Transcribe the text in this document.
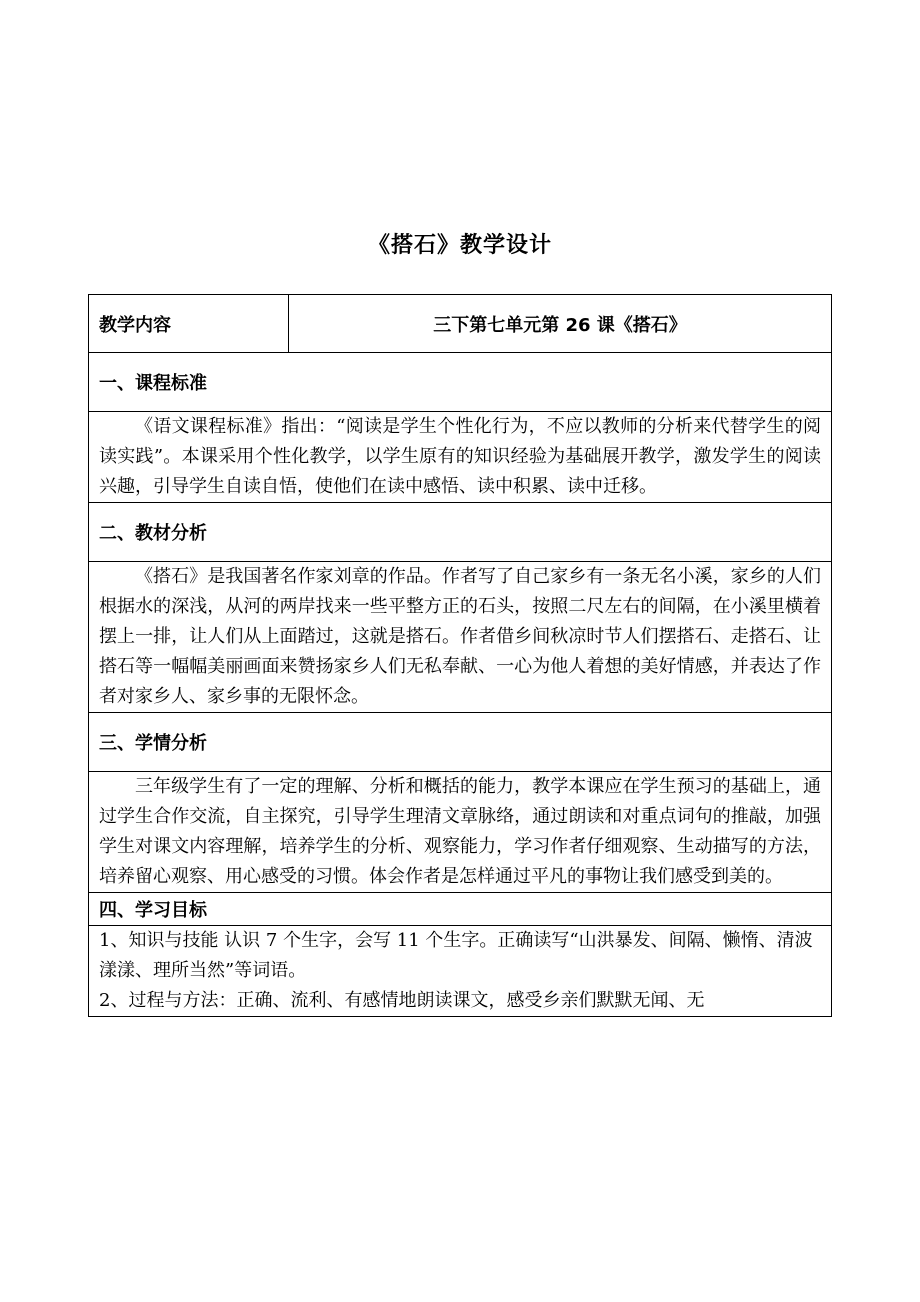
《搭石》教学设计
教学内容	三下第七单元第 26 课《搭石》
一、课程标准
《语文课程标准》指出：“阅读是学生个性化行为，不应以教师的分析来代替学生的阅读实践”。本课采用个性化教学，以学生原有的知识经验为基础展开教学，激发学生的阅读兴趣，引导学生自读自悟，使他们在读中感悟、读中积累、读中迁移。
二、教材分析
《搭石》是我国著名作家刘章的作品。作者写了自己家乡有一条无名小溪，家乡的人们根据水的深浅，从河的两岸找来一些平整方正的石头，按照二尺左右的间隔，在小溪里横着摆上一排，让人们从上面踏过，这就是搭石。作者借乡间秋凉时节人们摆搭石、走搭石、让搭石等一幅幅美丽画面来赞扬家乡人们无私奉献、一心为他人着想的美好情感，并表达了作者对家乡人、家乡事的无限怀念。
三、学情分析
三年级学生有了一定的理解、分析和概括的能力，教学本课应在学生预习的基础上，通过学生合作交流，自主探究，引导学生理清文章脉络，通过朗读和对重点词句的推敲，加强学生对课文内容理解，培养学生的分析、观察能力，学习作者仔细观察、生动描写的方法，培养留心观察、用心感受的习惯。体会作者是怎样通过平凡的事物让我们感受到美的。
四、学习目标

1、知识与技能 认识 7 个生字，会写 11 个生字。正确读写“山洪暴发、间隔、懒惰、清波漾漾、理所当然”等词语。

2、过程与方法：正确、流利、有感情地朗读课文，感受乡亲们默默无闻、无
